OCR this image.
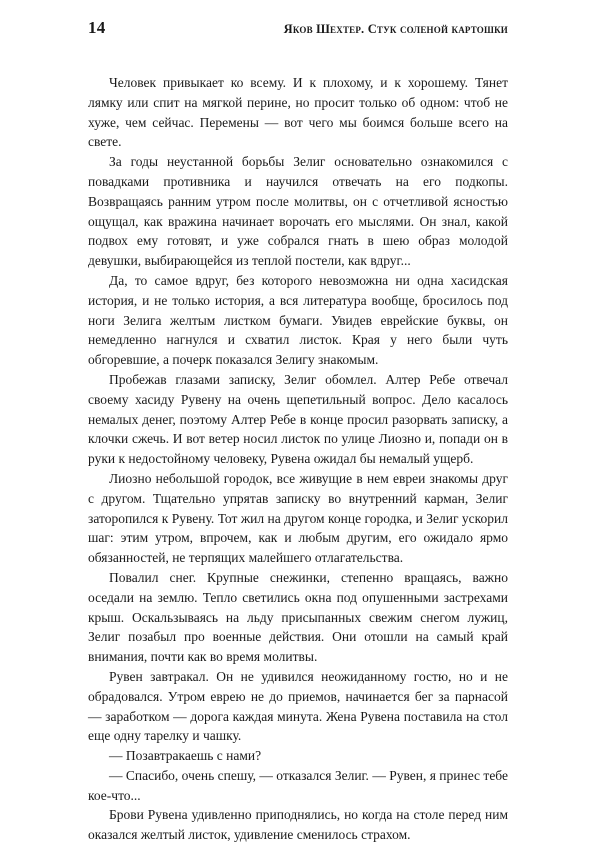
14	Яков Шехтер. Стук соленой картошки

Человек привыкает ко всему. И к плохому, и к хорошему. Тянет лямку или спит на мягкой перине, но просит только об одном: чтоб не хуже, чем сейчас. Перемены — вот чего мы боимся больше всего на свете.

За годы неустанной борьбы Зелиг основательно ознакомился с повадками противника и научился отвечать на его подкопы. Возвращаясь ранним утром после молитвы, он с отчетливой ясностью ощущал, как вражина начинает ворочать его мыслями. Он знал, какой подвох ему готовят, и уже собрался гнать в шею образ молодой девушки, выбирающейся из теплой постели, как вдруг...

Да, то самое вдруг, без которого невозможна ни одна хасидская история, и не только история, а вся литература вообще, бросилось под ноги Зелига желтым листком бумаги. Увидев еврейские буквы, он немедленно нагнулся и схватил листок. Края у него были чуть обгоревшие, а почерк показался Зелигу знакомым.

Пробежав глазами записку, Зелиг обомлел. Алтер Ребе отвечал своему хасиду Рувену на очень щепетильный вопрос. Дело касалось немалых денег, поэтому Алтер Ребе в конце просил разорвать записку, а клочки сжечь. И вот ветер носил листок по улице Лиозно и, попади он в руки к недостойному человеку, Рувена ожидал бы немалый ущерб.

Лиозно небольшой городок, все живущие в нем евреи знакомы друг с другом. Тщательно упрятав записку во внутренний карман, Зелиг заторопился к Рувену. Тот жил на другом конце городка, и Зелиг ускорил шаг: этим утром, впрочем, как и любым другим, его ожидало ярмо обязанностей, не терпящих малейшего отлагательства.

Повалил снег. Крупные снежинки, степенно вращаясь, важно оседали на землю. Тепло светились окна под опушенными застрехами крыш. Оскальзываясь на льду присыпанных свежим снегом лужиц, Зелиг позабыл про военные действия. Они отошли на самый край внимания, почти как во время молитвы.

Рувен завтракал. Он не удивился неожиданному гостю, но и не обрадовался. Утром еврею не до приемов, начинается бег за парнасой — заработком — дорога каждая минута. Жена Рувена поставила на стол еще одну тарелку и чашку.

— Позавтракаешь с нами?

— Спасибо, очень спешу, — отказался Зелиг. — Рувен, я принес тебе кое-что...

Брови Рувена удивленно приподнялись, но когда на столе перед ним оказался желтый листок, удивление сменилось страхом.
